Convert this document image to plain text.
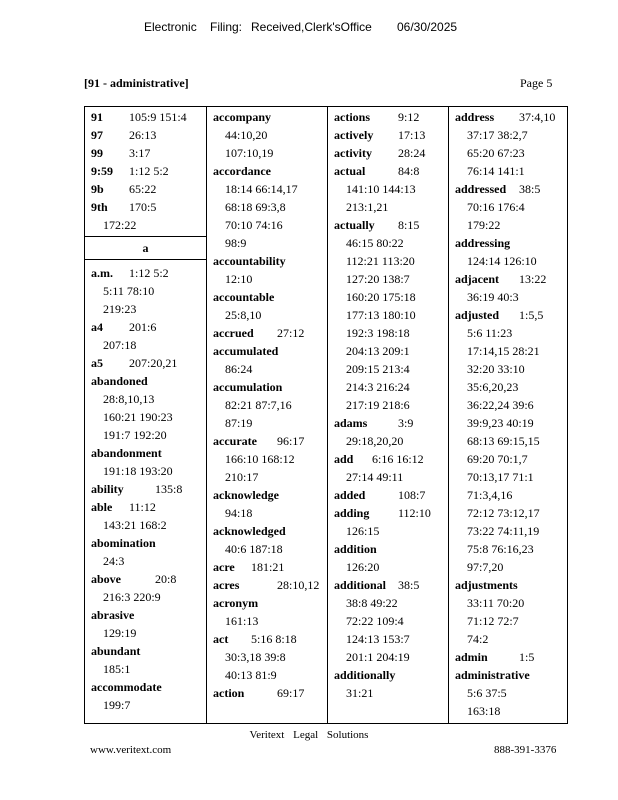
Electronic Filing: Received,Clerk'sOffice 06/30/2025
[91 - administrative]	Page 5
91 105:9 151:4
97 26:13
99 3:17
9:59 1:12 5:2
9b 65:22
9th 170:5
172:22
a
a.m. 1:12 5:2
5:11 78:10
219:23
a4 201:6
207:18
a5 207:20,21
abandoned
28:8,10,13
160:21 190:23
191:7 192:20
abandonment
191:18 193:20
ability	135:8
able 11:12
143:21 168:2
abomination
24:3
above	20:8
216:3 220:9
abrasive
129:19
abundant
185:1
accommodate
199:7
accompany
44:10,20
107:10,19
accordance
18:14 66:14,17
68:18 69:3,8
70:10 74:16
98:9
accountability
12:10
accountable
25:8,10
accrued 27:12
accumulated
86:24
accumulation
82:21 87:7,16
87:19
accurate 96:17
166:10 168:12
210:17
acknowledge
94:18
acknowledged
40:6 187:18
acre 181:21
acres	28:10,12
acronym
161:13
act 5:16 8:18
30:3,18 39:8
40:13 81:9
action	69:17
actions 9:12
actively 17:13
activity 28:24
actual	84:8
141:10 144:13
213:1,21
actually 8:15
46:15 80:22
112:21 113:20
127:20 138:7
160:20 175:18
177:13 180:10
192:3 198:18
204:13 209:1
209:15 213:4
214:3 216:24
217:19 218:6
adams	3:9
29:18,20,20
add 6:16 16:12
27:14 49:11
added	108:7
adding 112:10
126:15
addition
126:20
additional 38:5
38:8 49:22
72:22 109:4
124:13 153:7
201:1 204:19
additionally
31:21
address 37:4,10
37:17 38:2,7
65:20 67:23
76:14 141:1
addressed 38:5
70:16 176:4
179:22
addressing
124:14 126:10
adjacent 13:22
36:19 40:3
adjusted 1:5,5
5:6 11:23
17:14,15 28:21
32:20 33:10
35:6,20,23
36:22,24 39:6
39:9,23 40:19
68:13 69:15,15
69:20 70:1,7
70:13,17 71:1
71:3,4,16
72:12 73:12,17
73:22 74:11,19
75:8 76:16,23
97:7,20
adjustments
33:11 70:20
71:12 72:7
74:2
admin	1:5
administrative
5:6 37:5
163:18
Veritext Legal Solutions
www.veritext.com	888-391-3376
